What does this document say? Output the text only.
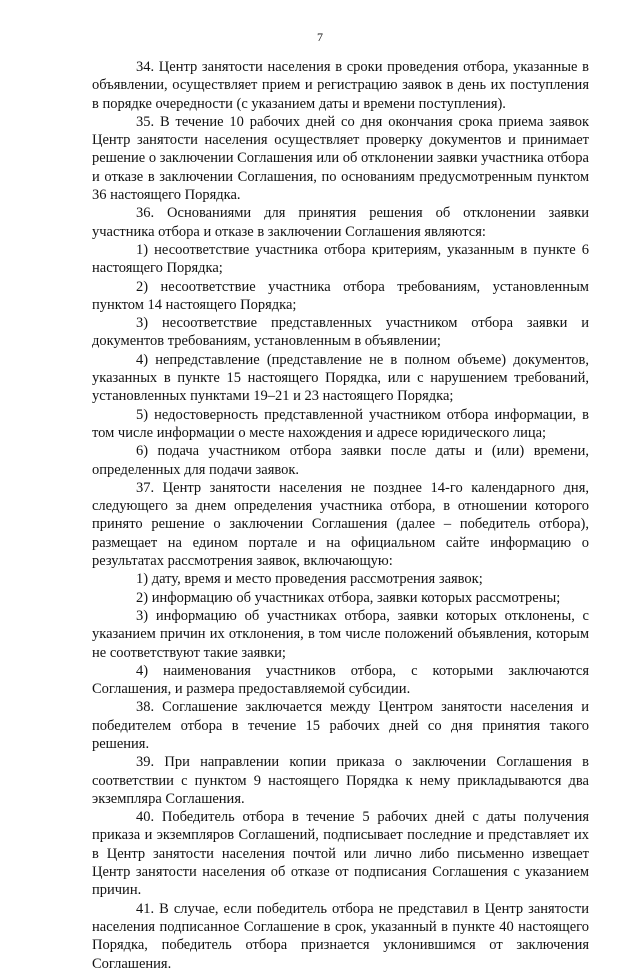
7

34. Центр занятости населения в сроки проведения отбора, указанные в объявлении, осуществляет прием и регистрацию заявок в день их поступления в порядке очередности (с указанием даты и времени поступления).

35. В течение 10 рабочих дней со дня окончания срока приема заявок Центр занятости населения осуществляет проверку документов и принимает решение о заключении Соглашения или об отклонении заявки участника отбора и отказе в заключении Соглашения, по основаниям предусмотренным пунктом 36 настоящего Порядка.

36. Основаниями для принятия решения об отклонении заявки участника отбора и отказе в заключении Соглашения являются:

1) несоответствие участника отбора критериям, указанным в пункте 6 настоящего Порядка;

2) несоответствие участника отбора требованиям, установленным пунктом 14 настоящего Порядка;

3) несоответствие представленных участником отбора заявки и документов требованиям, установленным в объявлении;

4) непредставление (представление не в полном объеме) документов, указанных в пункте 15 настоящего Порядка, или с нарушением требований, установленных пунктами 19–21 и 23 настоящего Порядка;

5) недостоверность представленной участником отбора информации, в том числе информации о месте нахождения и адресе юридического лица;

6) подача участником отбора заявки после даты и (или) времени, определенных для подачи заявок.

37. Центр занятости населения не позднее 14-го календарного дня, следующего за днем определения участника отбора, в отношении которого принято решение о заключении Соглашения (далее – победитель отбора), размещает на едином портале и на официальном сайте информацию о результатах рассмотрения заявок, включающую:

1) дату, время и место проведения рассмотрения заявок;

2) информацию об участниках отбора, заявки которых рассмотрены;

3) информацию об участниках отбора, заявки которых отклонены, с указанием причин их отклонения, в том числе положений объявления, которым не соответствуют такие заявки;

4) наименования участников отбора, с которыми заключаются Соглашения, и размера предоставляемой субсидии.

38. Соглашение заключается между Центром занятости населения и победителем отбора в течение 15 рабочих дней со дня принятия такого решения.

39. При направлении копии приказа о заключении Соглашения в соответствии с пунктом 9 настоящего Порядка к нему прикладываются два экземпляра Соглашения.

40. Победитель отбора в течение 5 рабочих дней с даты получения приказа и экземпляров Соглашений, подписывает последние и представляет их в Центр занятости населения почтой или лично либо письменно извещает Центр занятости населения об отказе от подписания Соглашения с указанием причин.

41. В случае, если победитель отбора не представил в Центр занятости населения подписанное Соглашение в срок, указанный в пункте 40 настоящего Порядка, победитель отбора признается уклонившимся от заключения Соглашения.
